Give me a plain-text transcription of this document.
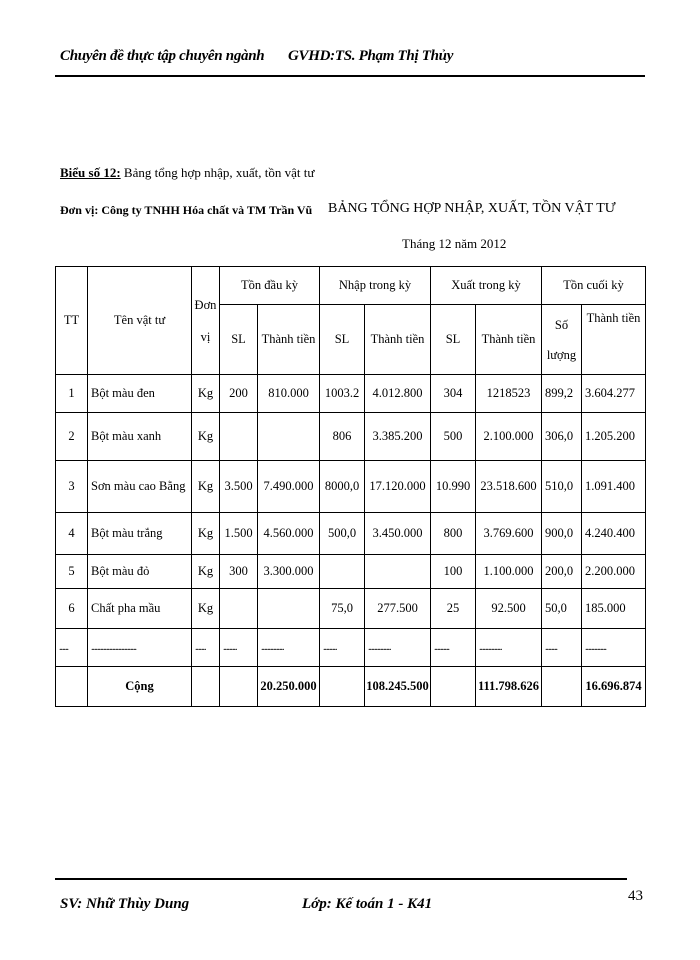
Chuyên đề thực tập chuyên ngành GVHD:TS. Phạm Thị Thủy
Biểu số 12: Bảng tổng hợp nhập, xuất, tồn vật tư
Đơn vị: Công ty TNHH Hóa chất và TM Trần Vũ BẢNG TỔNG HỢP NHẬP, XUẤT, TỒN VẬT TƯ
Tháng 12 năm 2012
TT	Tên vật tư	Đơn vị	Tồn đầu kỳ		Nhập trong kỳ		Xuất trong kỳ		Tồn cuối kỳ	
			SL	Thành tiền	SL	Thành tiền	SL	Thành tiền	Số lượng	Thành tiền
1	Bột màu đen	Kg	200	810.000	1003.2	4.012.800	304	1218523	899,2	3.604.277
2	Bột màu xanh	Kg			806	3.385.200	500	2.100.000	306,0	1.205.200
3	Sơn màu cao Bằng	Kg	3.500	7.490.000	8000,0	17.120.000	10.990	23.518.600	510,0	1.091.400
4	Bột màu trắng	Kg	1.500	4.560.000	500,0	3.450.000	800	3.769.600	900,0	4.240.400
5	Bột màu đỏ	Kg	300	3.300.000			100	1.100.000	200,0	2.200.000
6	Chất pha mầu	Kg			75,0	277.500	25	92.500	50,0	185.000
......	..............................	.......	.........	...............	.........	...............	..........	...............	........	..............
	Cộng			20.250.000		108.245.500		111.798.626		16.696.874
SV: Nhữ Thùy Dung	Lớp: Kế toán 1 - K41	43
